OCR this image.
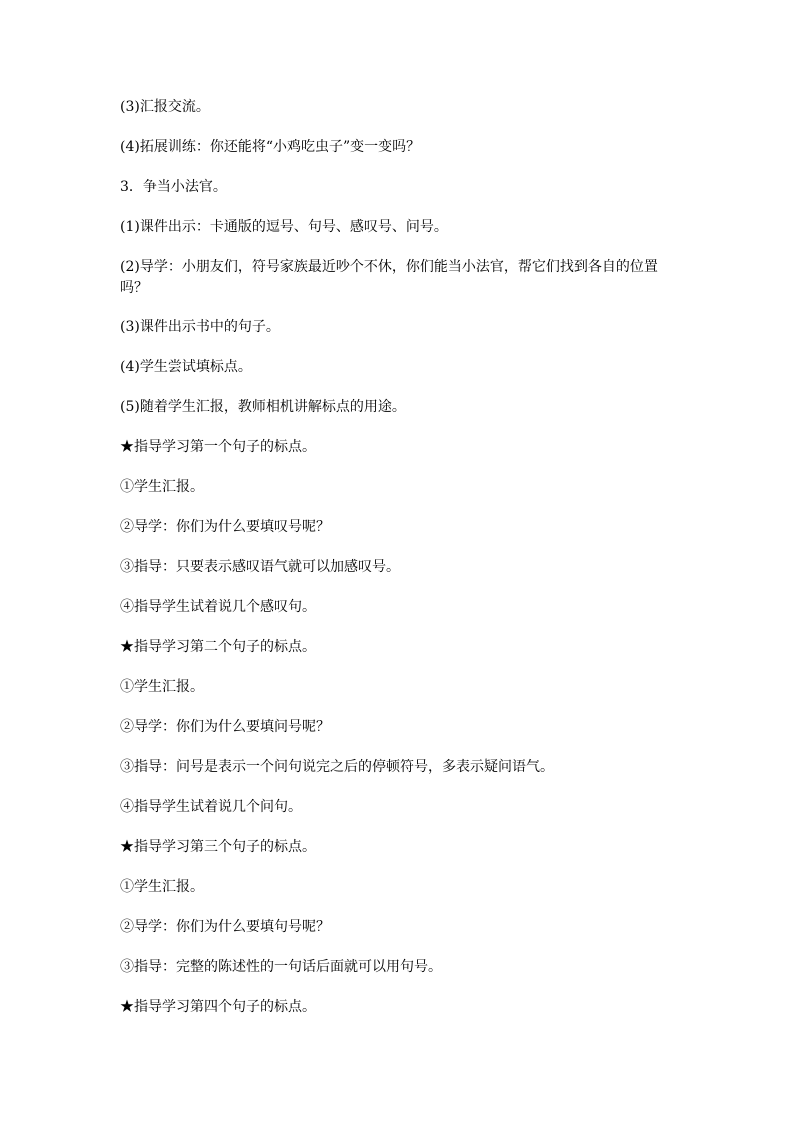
(3)汇报交流。

(4)拓展训练：你还能将“小鸡吃虫子”变一变吗？

3．争当小法官。

(1)课件出示：卡通版的逗号、句号、感叹号、问号。

(2)导学：小朋友们，符号家族最近吵个不休，你们能当小法官，帮它们找到各自的位置吗？

(3)课件出示书中的句子。

(4)学生尝试填标点。

(5)随着学生汇报，教师相机讲解标点的用途。

★指导学习第一个句子的标点。

①学生汇报。

②导学：你们为什么要填叹号呢？

③指导：只要表示感叹语气就可以加感叹号。

④指导学生试着说几个感叹句。

★指导学习第二个句子的标点。

①学生汇报。

②导学：你们为什么要填问号呢？

③指导：问号是表示一个问句说完之后的停顿符号，多表示疑问语气。

④指导学生试着说几个问句。

★指导学习第三个句子的标点。

①学生汇报。

②导学：你们为什么要填句号呢？

③指导：完整的陈述性的一句话后面就可以用句号。

★指导学习第四个句子的标点。
